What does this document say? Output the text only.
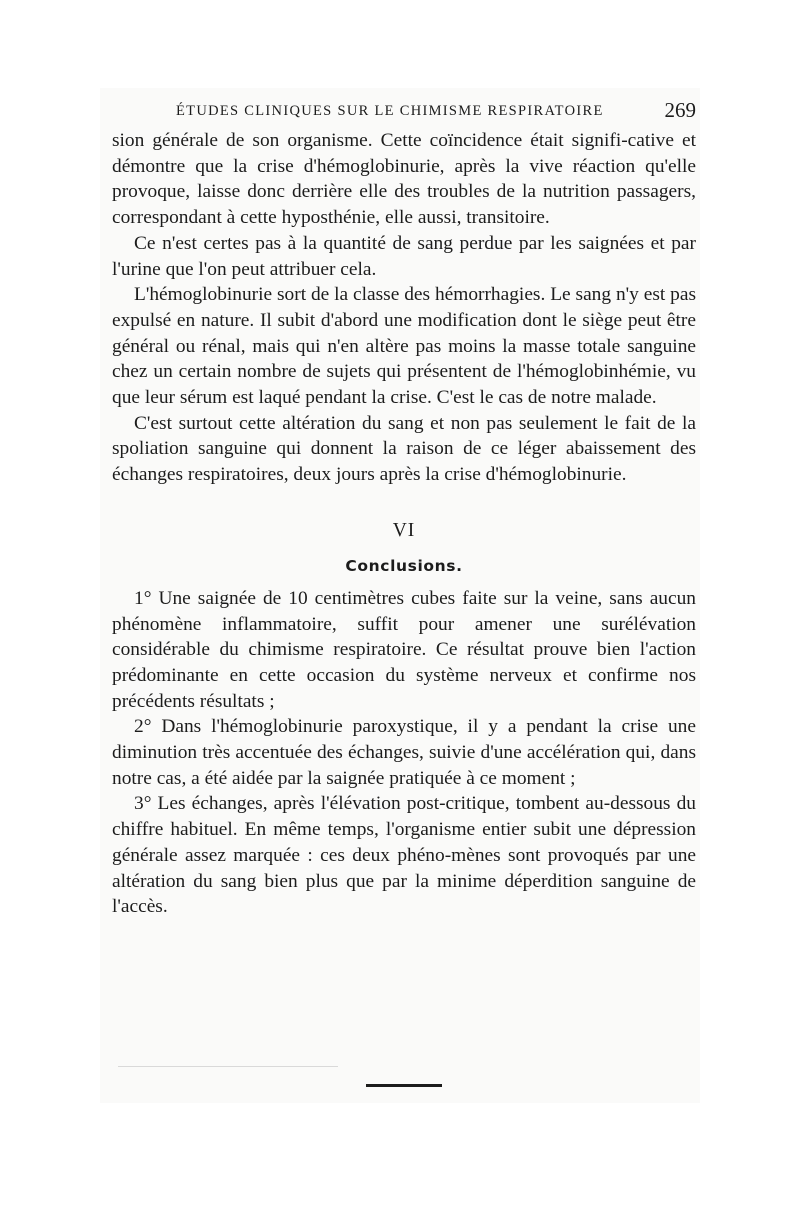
ÉTUDES CLINIQUES SUR LE CHIMISME RESPIRATOIRE	269

sion générale de son organisme. Cette coïncidence était signifi-cative et démontre que la crise d'hémoglobinurie, après la vive réaction qu'elle provoque, laisse donc derrière elle des troubles de la nutrition passagers, correspondant à cette hyposthénie, elle aussi, transitoire.

Ce n'est certes pas à la quantité de sang perdue par les saignées et par l'urine que l'on peut attribuer cela.

L'hémoglobinurie sort de la classe des hémorrhagies. Le sang n'y est pas expulsé en nature. Il subit d'abord une modification dont le siège peut être général ou rénal, mais qui n'en altère pas moins la masse totale sanguine chez un certain nombre de sujets qui présentent de l'hémoglobinhémie, vu que leur sérum est laqué pendant la crise. C'est le cas de notre malade.

C'est surtout cette altération du sang et non pas seulement le fait de la spoliation sanguine qui donnent la raison de ce léger abaissement des échanges respiratoires, deux jours après la crise d'hémoglobinurie.

VI
Conclusions.

1° Une saignée de 10 centimètres cubes faite sur la veine, sans aucun phénomène inflammatoire, suffit pour amener une surélévation considérable du chimisme respiratoire. Ce résultat prouve bien l'action prédominante en cette occasion du système nerveux et confirme nos précédents résultats ;

2° Dans l'hémoglobinurie paroxystique, il y a pendant la crise une diminution très accentuée des échanges, suivie d'une accélération qui, dans notre cas, a été aidée par la saignée pratiquée à ce moment ;

3° Les échanges, après l'élévation post-critique, tombent au-dessous du chiffre habituel. En même temps, l'organisme entier subit une dépression générale assez marquée : ces deux phéno-mènes sont provoqués par une altération du sang bien plus que par la minime déperdition sanguine de l'accès.
